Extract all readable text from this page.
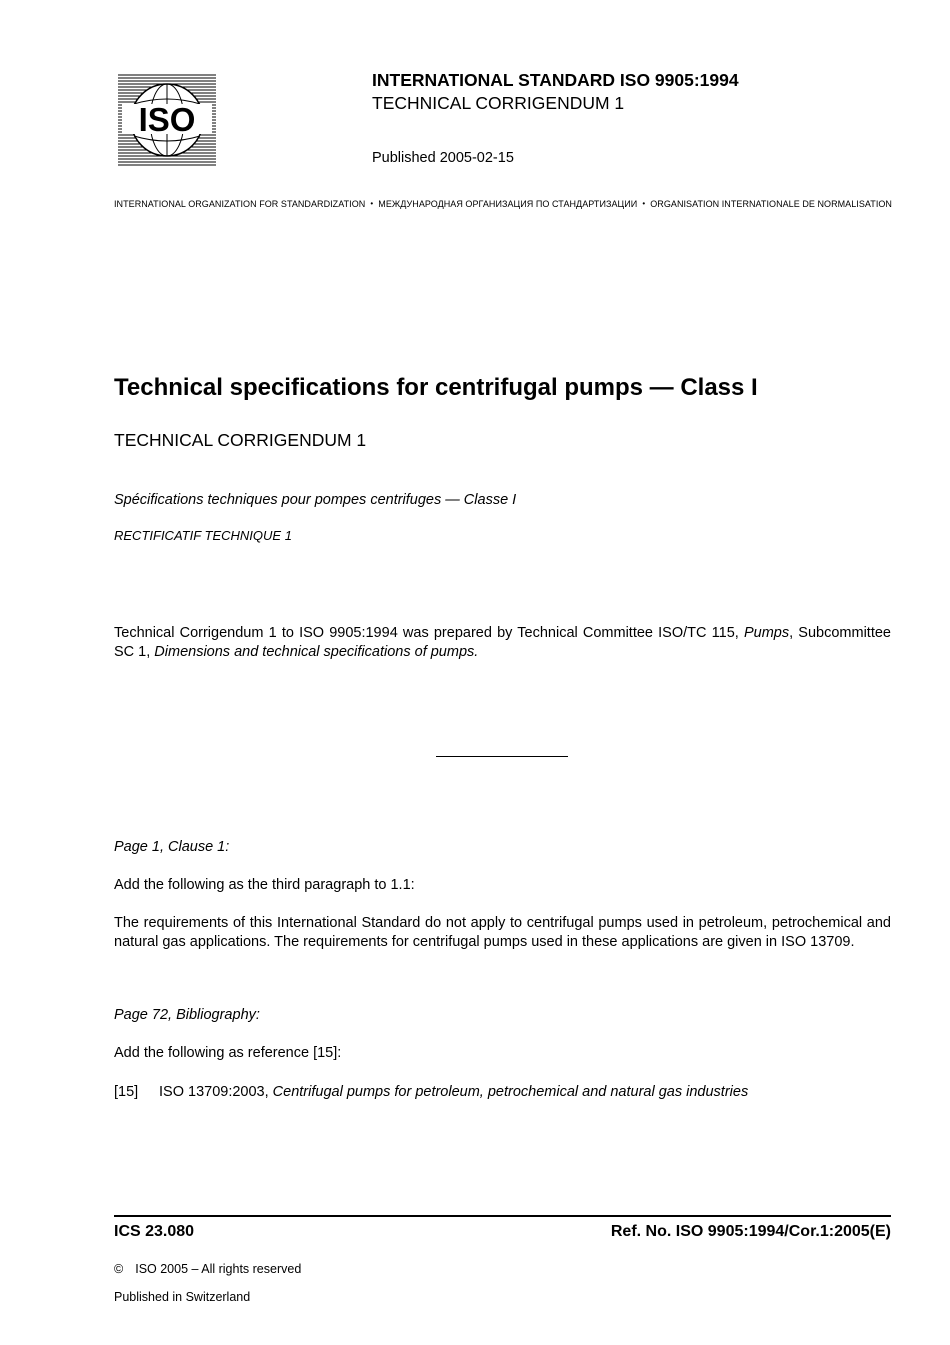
ISO
INTERNATIONAL STANDARD ISO 9905:1994
TECHNICAL CORRIGENDUM 1
Published 2005-02-15
INTERNATIONAL ORGANIZATION FOR STANDARDIZATION • МЕЖДУНАРОДНАЯ ОРГАНИЗАЦИЯ ПО СТАНДАРТИЗАЦИИ • ORGANISATION INTERNATIONALE DE NORMALISATION
Technical specifications for centrifugal pumps — Class I
TECHNICAL CORRIGENDUM 1
Spécifications techniques pour pompes centrifuges — Classe I
RECTIFICATIF TECHNIQUE 1
Technical Corrigendum 1 to ISO 9905:1994 was prepared by Technical Committee ISO/TC 115, Pumps, Subcommittee SC 1, Dimensions and technical specifications of pumps.
Page 1, Clause 1:
Add the following as the third paragraph to 1.1:
The requirements of this International Standard do not apply to centrifugal pumps used in petroleum, petrochemical and natural gas applications. The requirements for centrifugal pumps used in these applications are given in ISO 13709.
Page 72, Bibliography:
Add the following as reference [15]:
[15] ISO 13709:2003, Centrifugal pumps for petroleum, petrochemical and natural gas industries
ICS 23.080	Ref. No. ISO 9905:1994/Cor.1:2005(E)
© ISO 2005 – All rights reserved
Published in Switzerland
